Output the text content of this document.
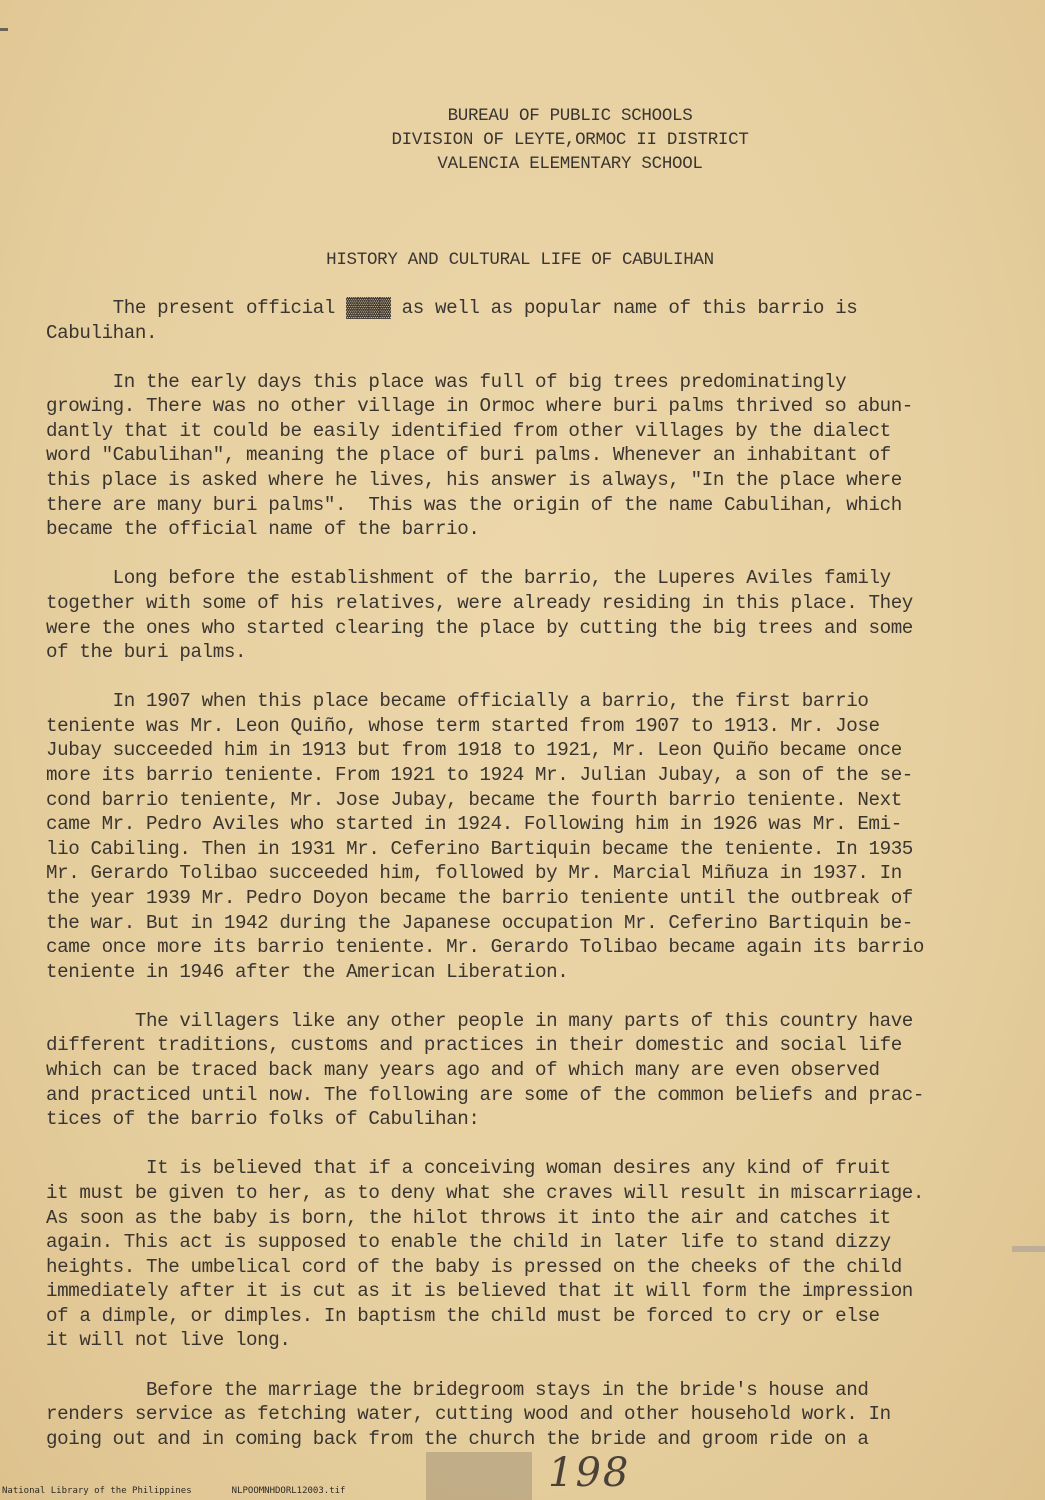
BUREAU OF PUBLIC SCHOOLS
DIVISION OF LEYTE,ORMOC II DISTRICT
VALENCIA ELEMENTARY SCHOOL
HISTORY AND CULTURAL LIFE OF CABULIHAN
The present official ▓▓▓▓ as well as popular name of this barrio is
Cabulihan.
In the early days this place was full of big trees predominatingly
growing. There was no other village in Ormoc where buri palms thrived so abun-
dantly that it could be easily identified from other villages by the dialect
word "Cabulihan", meaning the place of buri palms. Whenever an inhabitant of
this place is asked where he lives, his answer is always, "In the place where
there are many buri palms".  This was the origin of the name Cabulihan, which
became the official name of the barrio.
Long before the establishment of the barrio, the Luperes Aviles family
together with some of his relatives, were already residing in this place. They
were the ones who started clearing the place by cutting the big trees and some
of the buri palms.
In 1907 when this place became officially a barrio, the first barrio
teniente was Mr. Leon Quiño, whose term started from 1907 to 1913. Mr. Jose
Jubay succeeded him in 1913 but from 1918 to 1921, Mr. Leon Quiño became once
more its barrio teniente. From 1921 to 1924 Mr. Julian Jubay, a son of the se-
cond barrio teniente, Mr. Jose Jubay, became the fourth barrio teniente. Next
came Mr. Pedro Aviles who started in 1924. Following him in 1926 was Mr. Emi-
lio Cabiling. Then in 1931 Mr. Ceferino Bartiquin became the teniente. In 1935
Mr. Gerardo Tolibao succeeded him, followed by Mr. Marcial Miñuza in 1937. In
the year 1939 Mr. Pedro Doyon became the barrio teniente until the outbreak of
the war. But in 1942 during the Japanese occupation Mr. Ceferino Bartiquin be-
came once more its barrio teniente. Mr. Gerardo Tolibao became again its barrio
teniente in 1946 after the American Liberation.
The villagers like any other people in many parts of this country have
different traditions, customs and practices in their domestic and social life
which can be traced back many years ago and of which many are even observed
and practiced until now. The following are some of the common beliefs and prac-
tices of the barrio folks of Cabulihan:
It is believed that if a conceiving woman desires any kind of fruit
it must be given to her, as to deny what she craves will result in miscarriage.
As soon as the baby is born, the hilot throws it into the air and catches it
again. This act is supposed to enable the child in later life to stand dizzy
heights. The umbelical cord of the baby is pressed on the cheeks of the child
immediately after it is cut as it is believed that it will form the impression
of a dimple, or dimples. In baptism the child must be forced to cry or else
it will not live long.
Before the marriage the bridegroom stays in the bride's house and
renders service as fetching water, cutting wood and other household work. In
going out and in coming back from the church the bride and groom ride on a
198
National Library of the Philippines	NLPOOMNHDORL12003.tif
